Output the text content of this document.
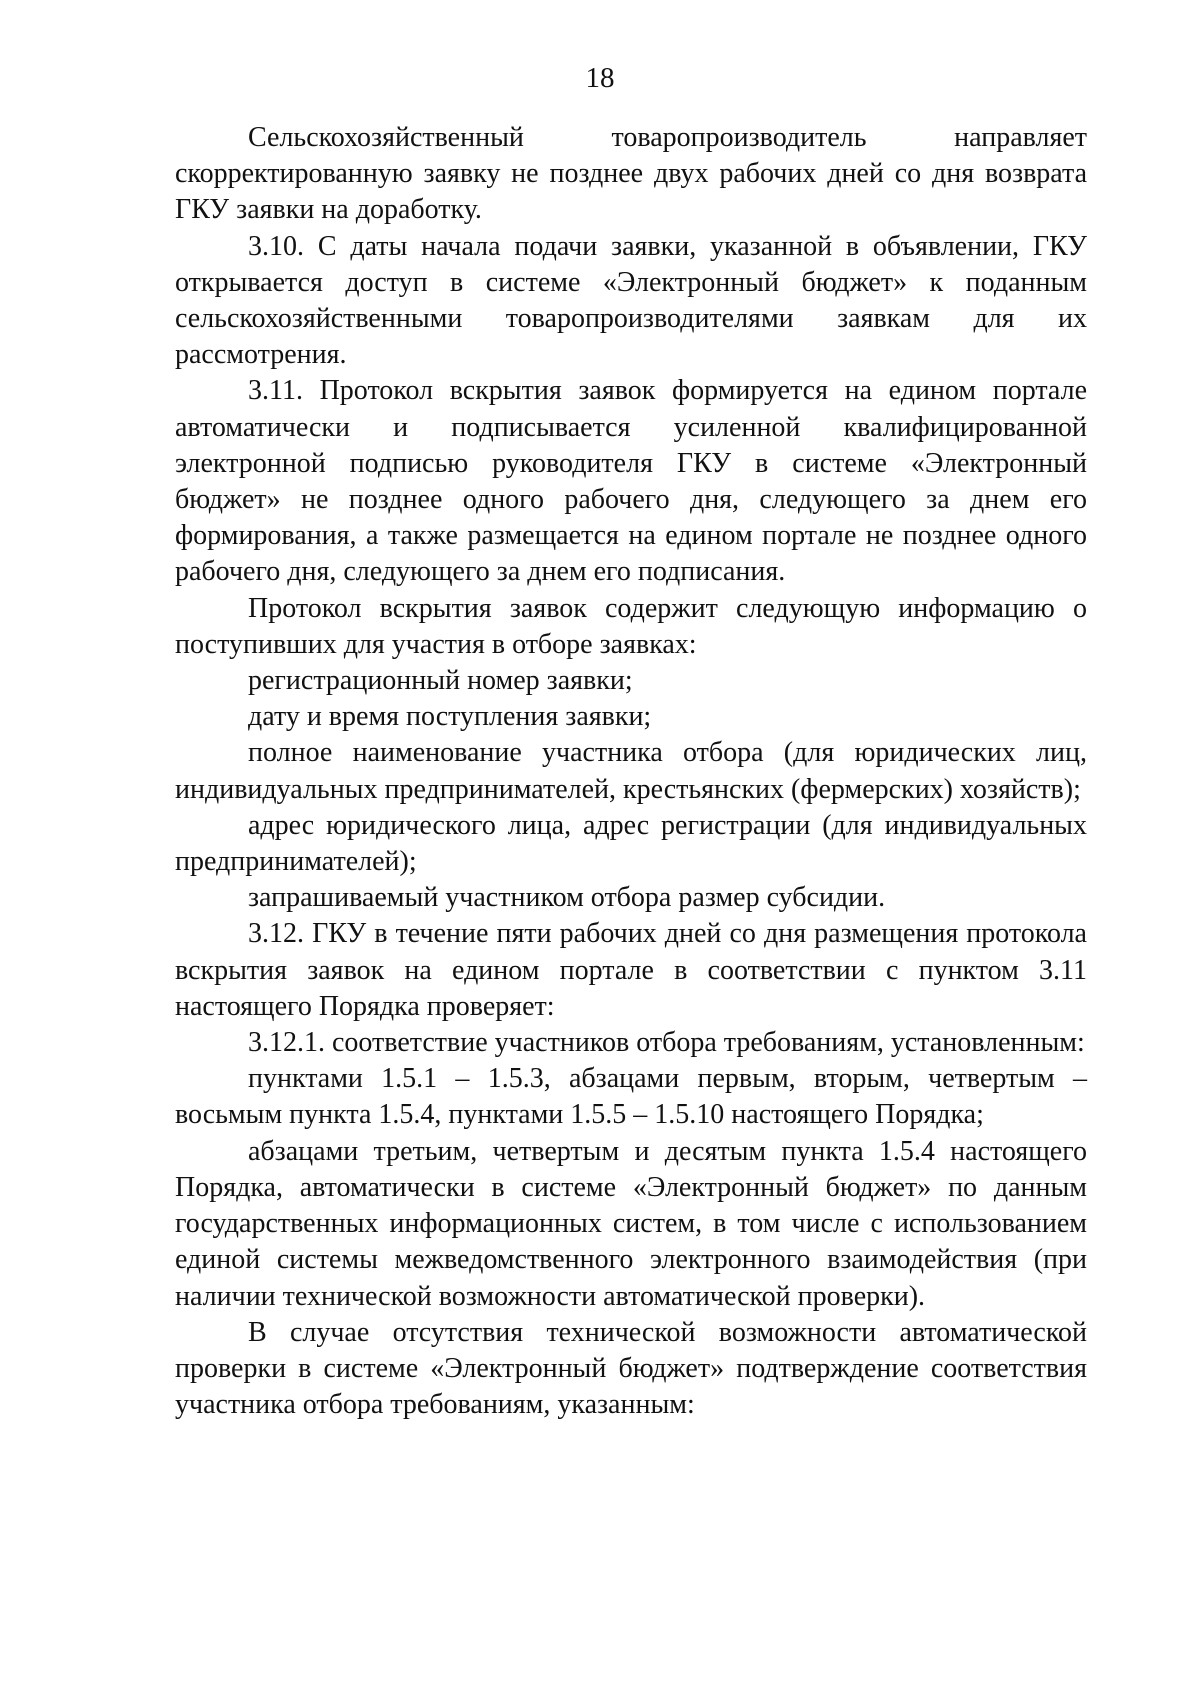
18

Сельскохозяйственный товаропроизводитель направляет скорректированную заявку не позднее двух рабочих дней со дня возврата ГКУ заявки на доработку.

3.10. С даты начала подачи заявки, указанной в объявлении, ГКУ открывается доступ в системе «Электронный бюджет» к поданным сельскохозяйственными товаропроизводителями заявкам для их рассмотрения.

3.11. Протокол вскрытия заявок формируется на едином портале автоматически и подписывается усиленной квалифицированной электронной подписью руководителя ГКУ в системе «Электронный бюджет» не позднее одного рабочего дня, следующего за днем его формирования, а также размещается на едином портале не позднее одного рабочего дня, следующего за днем его подписания.

Протокол вскрытия заявок содержит следующую информацию о поступивших для участия в отборе заявках:

регистрационный номер заявки;

дату и время поступления заявки;

полное наименование участника отбора (для юридических лиц, индивидуальных предпринимателей, крестьянских (фермерских) хозяйств);

адрес юридического лица, адрес регистрации (для индивидуальных предпринимателей);

запрашиваемый участником отбора размер субсидии.

3.12. ГКУ в течение пяти рабочих дней со дня размещения протокола вскрытия заявок на едином портале в соответствии с пунктом 3.11 настоящего Порядка проверяет:

3.12.1. соответствие участников отбора требованиям, установленным:

пунктами 1.5.1 – 1.5.3, абзацами первым, вторым, четвертым – восьмым пункта 1.5.4, пунктами 1.5.5 – 1.5.10 настоящего Порядка;

абзацами третьим, четвертым и десятым пункта 1.5.4 настоящего Порядка, автоматически в системе «Электронный бюджет» по данным государственных информационных систем, в том числе с использованием единой системы межведомственного электронного взаимодействия (при наличии технической возможности автоматической проверки).

В случае отсутствия технической возможности автоматической проверки в системе «Электронный бюджет» подтверждение соответствия участника отбора требованиям, указанным:
